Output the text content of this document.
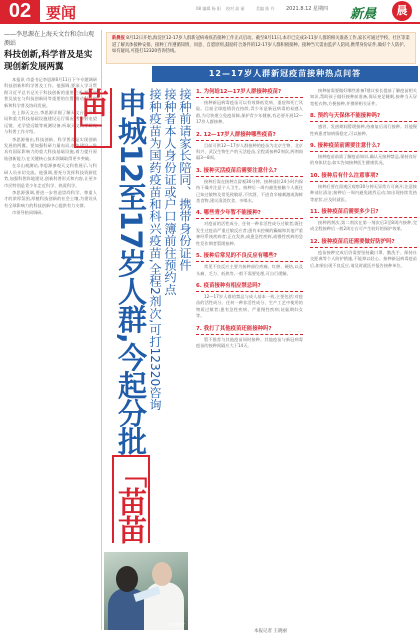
02 要闻	08 编辑 杨 阳 校对 高 丽	美编 陈 丹 2021.8.12 星期四 新晨	晨
——李思源在上海天文台和佘山观测站
科技创新,科学普及是实现创新发展两翼

本报讯 市委书记李思源8月11日下午专题调研科技创新和科学普及工作。他强调,要深入学习贯彻习近平总书记关于科技创新的重要论述,把科学普及放在与科技创新同等重要的位置,推动科技创新和科学普及协同发展。

在上海天文台,李思源详细了解天文台科研布局和重大科技基础设施建设运行情况,考察射电望远镜、光学望远镜等观测设备,听取天文科学研究与科普工作介绍。

李思源指出,科技创新、科学普及是实现创新发展的两翼。要加强科研力量布局,加快建设一批具有国际影响力的重大科技基础设施,着力提升原始创新能力,在关键核心技术领域取得更多突破。

在佘山观测站,李思源参观天文科普展示,与科研人员亲切交流。他强调,要充分发挥科技资源优势,加强科普阵地建设,创新科普形式和内容,让更多市民特别是青少年走近科学、热爱科学。

李思源强调,要进一步营造崇尚科学、尊重人才的浓厚氛围,厚植科技创新的社会土壤,为建设具有全球影响力的科技创新中心提供有力支撑。

市领导陪同调研。

新晨报 8月12日开始,海淀区12-17岁人群新冠病毒疫苗接种工作正式启动。截至8月11日,本市已完成3-11岁人群的相关准备工作,家长可通过学校、社区等渠道了解具体接种安排。接种工作遵循知情、同意、自愿原则,鼓励符合条件的12-17岁人群积极接种。接种当天需由监护人陪同,携带身份证件,做好个人防护。如有疑问,可拨打12320咨询热线。
12—17岁人群新冠疫苗接种热点问答
申城12至17岁人群,今起分批「苗苗苗」	接种前请家长陪同、携带身份证件
接种者本人身份证或户口簿前往预约点
接种疫苗为国药疫苗和科兴疫苗,全程2剂次,可打12320咨询	1. 为何给12—17岁人群接种疫苗?
接种新冠病毒疫苗可以有效降低发病、重症和死亡风险。目前全球疫情仍在持续,青少年是新冠病毒的易感人群,为尽快建立免疫屏障,保护青少年健康,有必要开展12—17岁人群接种。
2. 12—17岁人群接种哪些疫苗?
目前可供12—17岁人群接种的疫苗为北京生物、北京科兴、武汉生物生产的灭活疫苗,全程需接种2剂次,两剂间隔3—8周。
3. 接种灭活疫苗后需要注意什么?
接种后需在接种点留观30分钟。接种部位24小时内保持干燥并注意个人卫生。接种后一周内避免接触个人既往已知过敏物及常见致敏原,不饮酒、不进食辛辣刺激或海鲜类食物,建议清淡饮食、多喝水。
4. 哪些青少年暂不能接种?
对疫苗的活性成分、任何一种非活性成分过敏者;既往发生过疫苗严重过敏反应者;患有未控制的癫痫和其他严重神经系统疾病者;正在发热,或患急性疾病,或慢性疾病的急性发作期者暂缓接种。
5. 接种后常见的不良反应有哪些?
常见不良反应主要为接种部位疼痛、红肿、硬结,以及头痛、乏力、低热等,一般不需要处理,可自行缓解。
6. 疫苗接种有相应禁忌吗?
12—17岁人群的禁忌与成人基本一致,主要包括:对疫苗的活性成分、任何一种非活性成分、生产工艺中使用的物质过敏者;患有急性疾病、严重慢性疾病;妊娠期妇女等。
7. 我打了其他疫苗还能接种吗?
暂不推荐与其他疫苗同时接种。其他疫苗与新冠病毒疫苗的接种间隔应大于14天。
接种前需要做好哪些准备?建议家长提前了解疫苗相关知识,帮助孩子做好接种前准备,保证充足睡眠,接种当天穿宽松衣物,方便接种,并携带相关证件。
8. 预约与天保体不能接种吗?
感冒、发热期间暂缓接种,待康复后再行接种。其他慢性病患者如病情稳定,可以接种。
9. 接种疫苗前需要注意什么?
接种疫苗前需了解疫苗知识,确认无接种禁忌,保持良好的身体状态,如实告知接种医生健康状况。
10. 接种后有什么注意事项?
接种后要在留观区观察30分钟无异常方可离开;注意接种部位清洁;接种后一周内避免剧烈运动;如出现持续发热等症状,应及时就医。
11. 接种疫苗后需要多少日?
接种两剂次,第二剂次在第一剂次后3至8周内接种,完成全程接种后一般2周左右可产生较好的保护效果。
12. 接种疫苗后还需要做好防护吗?
疫苗接种完成后仍需要坚持戴口罩、勤洗手、保持社交距离等个人防护措施,不能掉以轻心。接种新冠病毒疫苗后,如果出现不良反应,请及时就医并报告接种单位。
资料照片
本报记者 王晓丽
